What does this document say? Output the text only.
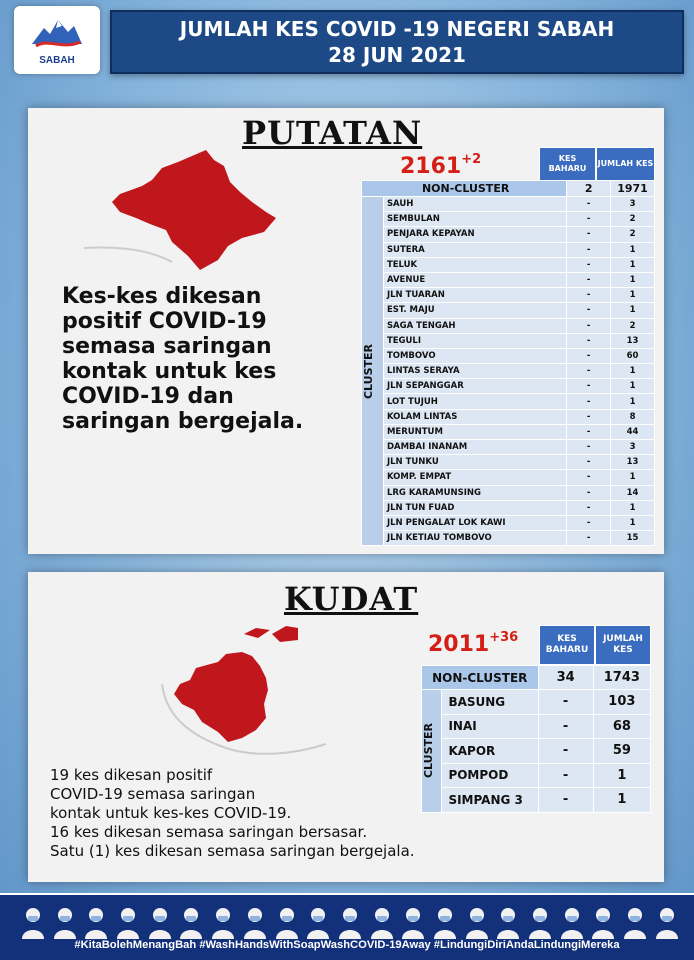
SABAH
JUMLAH KES COVID -19 NEGERI SABAH
28 JUN 2021
PUTATAN
$2161^{+2}$
Kes-kes dikesan positif COVID-19 semasa saringan kontak untuk kes COVID-19 dan saringan bergejala.
KES BAHARU
JUMLAH KES
NON-CLUSTER		2	1971

CLUSTER	SAUH	-	3
	SEMBULAN	-	2
	PENJARA KEPAYAN	-	2
	SUTERA	-	1
	TELUK	-	1
	AVENUE	-	1
	JLN TUARAN	-	1
	EST. MAJU	-	1
	SAGA TENGAH	-	2
	TEGULI	-	13
	TOMBOVO	-	60
	LINTAS SERAYA	-	1
	JLN SEPANGGAR	-	1
	LOT TUJUH	-	1
	KOLAM LINTAS	-	8
	MERUNTUM	-	44
	DAMBAI INANAM	-	3
	JLN TUNKU	-	13
	KOMP. EMPAT	-	1
	LRG KARAMUNSING	-	14
	JLN TUN FUAD	-	1
	JLN PENGALAT LOK KAWI	-	1
	JLN KETIAU TOMBOVO	-	15
KUDAT
$2011^{+36}$
19 kes dikesan positif
COVID-19 semasa saringan
kontak untuk kes-kes COVID-19.
16 kes dikesan semasa saringan bersasar.
Satu (1) kes dikesan semasa saringan bergejala.
KES BAHARU
JUMLAH KES
NON-CLUSTER		34	1743

CLUSTER	BASUNG	-	103
	INAI	-	68
	KAPOR	-	59
	POMPOD	-	1
	SIMPANG 3	-	1
#KitaBolehMenangBah #WashHandsWithSoapWashCOVID-19Away #LindungiDiriAndaLindungiMereka
